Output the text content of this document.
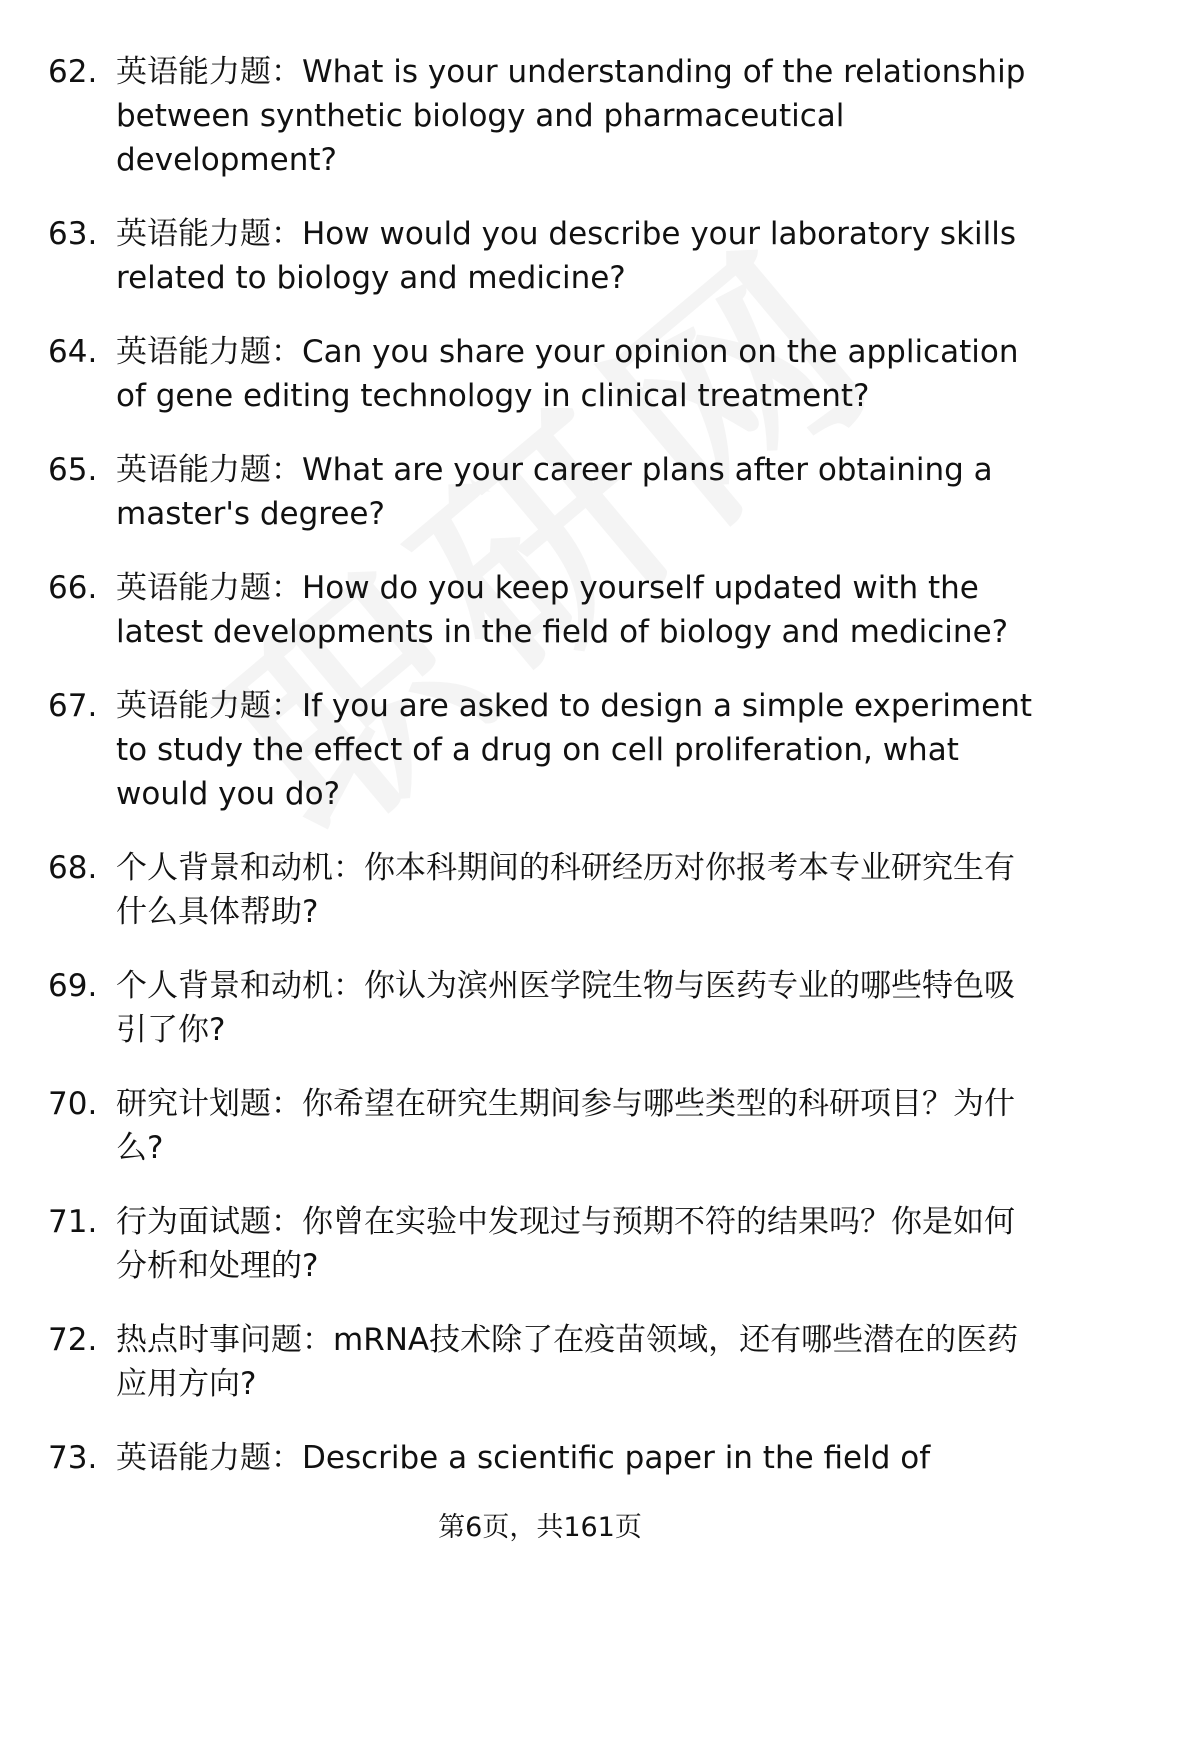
62. 英语能力题：What is your understanding of the relationship between synthetic biology and pharmaceutical development?
63. 英语能力题：How would you describe your laboratory skills related to biology and medicine?
64. 英语能力题：Can you share your opinion on the application of gene editing technology in clinical treatment?
65. 英语能力题：What are your career plans after obtaining a master's degree?
66. 英语能力题：How do you keep yourself updated with the latest developments in the field of biology and medicine?
67. 英语能力题：If you are asked to design a simple experiment to study the effect of a drug on cell proliferation, what would you do?
68. 个人背景和动机：你本科期间的科研经历对你报考本专业研究生有什么具体帮助?
69. 个人背景和动机：你认为滨州医学院生物与医药专业的哪些特色吸引了你?
70. 研究计划题：你希望在研究生期间参与哪些类型的科研项目？为什么?
71. 行为面试题：你曾在实验中发现过与预期不符的结果吗？你是如何分析和处理的?
72. 热点时事问题：mRNA技术除了在疫苗领域，还有哪些潜在的医药应用方向?
73. 英语能力题：Describe a scientific paper in the field of
第6页，共161页
